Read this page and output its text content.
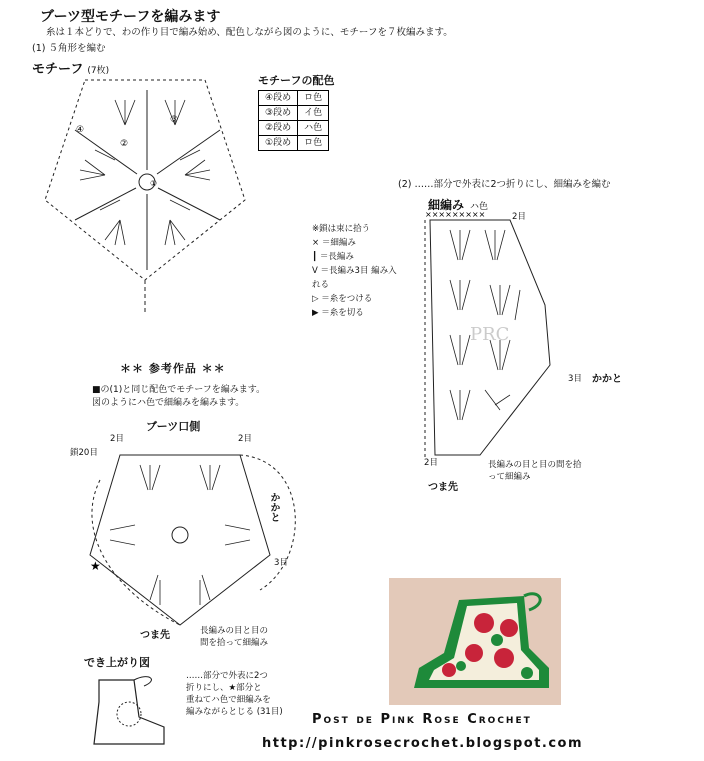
ブーツ型モチーフを編みます
糸は１本どりで、わの作り目で編み始め、配色しながら図のように、モチーフを７枚編みます。
(1) ５角形を編む
モチーフ (7枚)
④
③
②
①
モチーフの配色
④段め	ロ色
③段め	イ色
②段め	ハ色
①段め	ロ色
※鎖は束に拾う
× ＝細編み
┃ ＝長編み
Ⅴ ＝長編み3目 編み入れる
▷ ＝糸をつける
▶ ＝糸を切る
(2) ……部分で外表に2つ折りにし、細編みを編む
細編み ハ色
×××××××××
PRC
2目
かかと
3目
2目
つま先
長編みの目と目の間を拾って細編み
＊＊ 参考作品 ＊＊
■の(1)と同じ配色でモチーフを編みます。
図のようにハ色で細編みを編みます。
ブーツ口側
2目	2目
鎖20目
★
かかと
3目
つま先	長編みの目と目の
間を拾って細編み
でき上がり図
……部分で外表に2つ
折りにし、★部分と
重ねてハ色で細編みを
編みながらとじる (31目) Post de Pink Rose Crochet
http://pinkrosecrochet.blogspot.com
